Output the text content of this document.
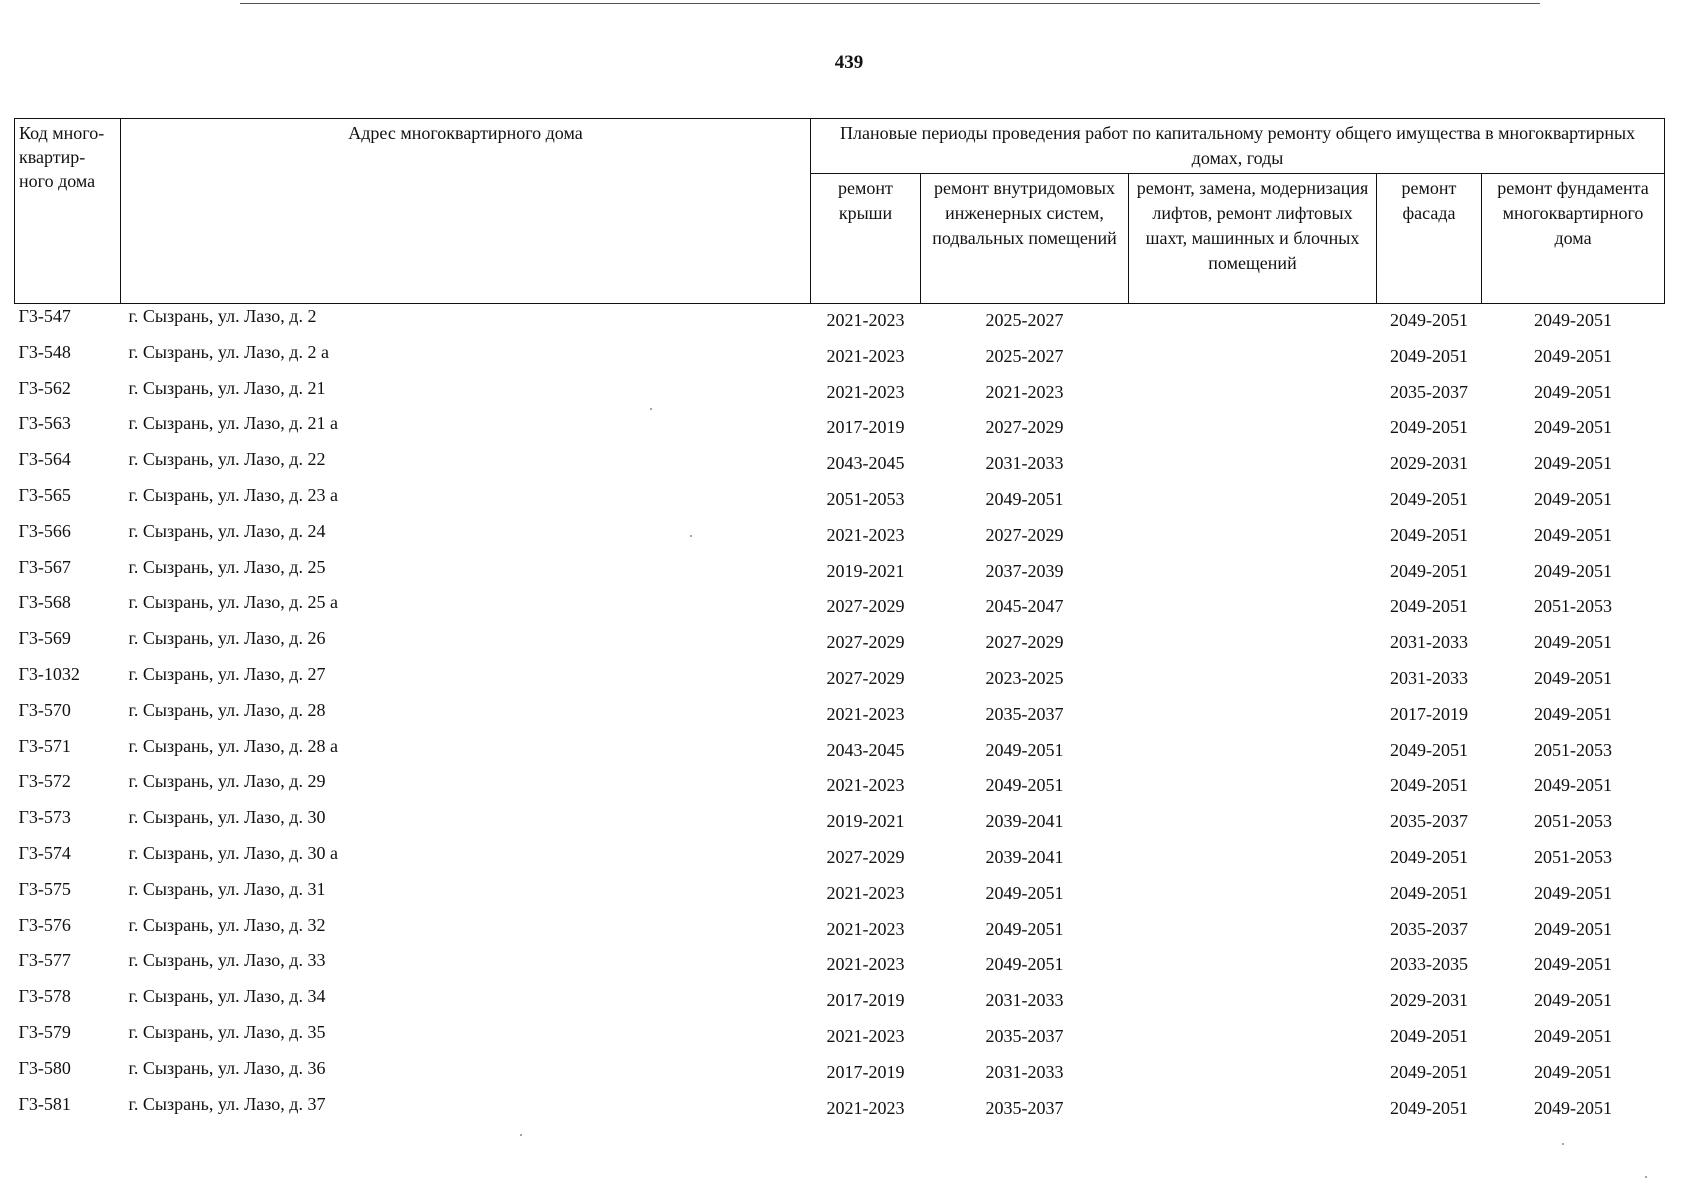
439
Код много-квартир-ного дома	Адрес многоквартирного дома	Плановые периоды проведения работ по капитальному ремонту общего имущества в многоквартирных домах, годы				
		ремонт крыши	ремонт внутридомовых инженерных систем, подвальных помещений	ремонт, замена, модернизация лифтов, ремонт лифтовых шахт, машинных и блочных помещений	ремонт фасада	ремонт фундамента многоквартирного дома
Г3-547	г. Сызрань, ул. Лазо, д. 2	2021-2023	2025-2027		2049-2051	2049-2051
Г3-548	г. Сызрань, ул. Лазо, д. 2 а	2021-2023	2025-2027		2049-2051	2049-2051
Г3-562	г. Сызрань, ул. Лазо, д. 21	2021-2023	2021-2023		2035-2037	2049-2051
Г3-563	г. Сызрань, ул. Лазо, д. 21 а	2017-2019	2027-2029		2049-2051	2049-2051
Г3-564	г. Сызрань, ул. Лазо, д. 22	2043-2045	2031-2033		2029-2031	2049-2051
Г3-565	г. Сызрань, ул. Лазо, д. 23 а	2051-2053	2049-2051		2049-2051	2049-2051
Г3-566	г. Сызрань, ул. Лазо, д. 24	2021-2023	2027-2029		2049-2051	2049-2051
Г3-567	г. Сызрань, ул. Лазо, д. 25	2019-2021	2037-2039		2049-2051	2049-2051
Г3-568	г. Сызрань, ул. Лазо, д. 25 а	2027-2029	2045-2047		2049-2051	2051-2053
Г3-569	г. Сызрань, ул. Лазо, д. 26	2027-2029	2027-2029		2031-2033	2049-2051
Г3-1032	г. Сызрань, ул. Лазо, д. 27	2027-2029	2023-2025		2031-2033	2049-2051
Г3-570	г. Сызрань, ул. Лазо, д. 28	2021-2023	2035-2037		2017-2019	2049-2051
Г3-571	г. Сызрань, ул. Лазо, д. 28 а	2043-2045	2049-2051		2049-2051	2051-2053
Г3-572	г. Сызрань, ул. Лазо, д. 29	2021-2023	2049-2051		2049-2051	2049-2051
Г3-573	г. Сызрань, ул. Лазо, д. 30	2019-2021	2039-2041		2035-2037	2051-2053
Г3-574	г. Сызрань, ул. Лазо, д. 30 а	2027-2029	2039-2041		2049-2051	2051-2053
Г3-575	г. Сызрань, ул. Лазо, д. 31	2021-2023	2049-2051		2049-2051	2049-2051
Г3-576	г. Сызрань, ул. Лазо, д. 32	2021-2023	2049-2051		2035-2037	2049-2051
Г3-577	г. Сызрань, ул. Лазо, д. 33	2021-2023	2049-2051		2033-2035	2049-2051
Г3-578	г. Сызрань, ул. Лазо, д. 34	2017-2019	2031-2033		2029-2031	2049-2051
Г3-579	г. Сызрань, ул. Лазо, д. 35	2021-2023	2035-2037		2049-2051	2049-2051
Г3-580	г. Сызрань, ул. Лазо, д. 36	2017-2019	2031-2033		2049-2051	2049-2051
Г3-581	г. Сызрань, ул. Лазо, д. 37	2021-2023	2035-2037		2049-2051	2049-2051
